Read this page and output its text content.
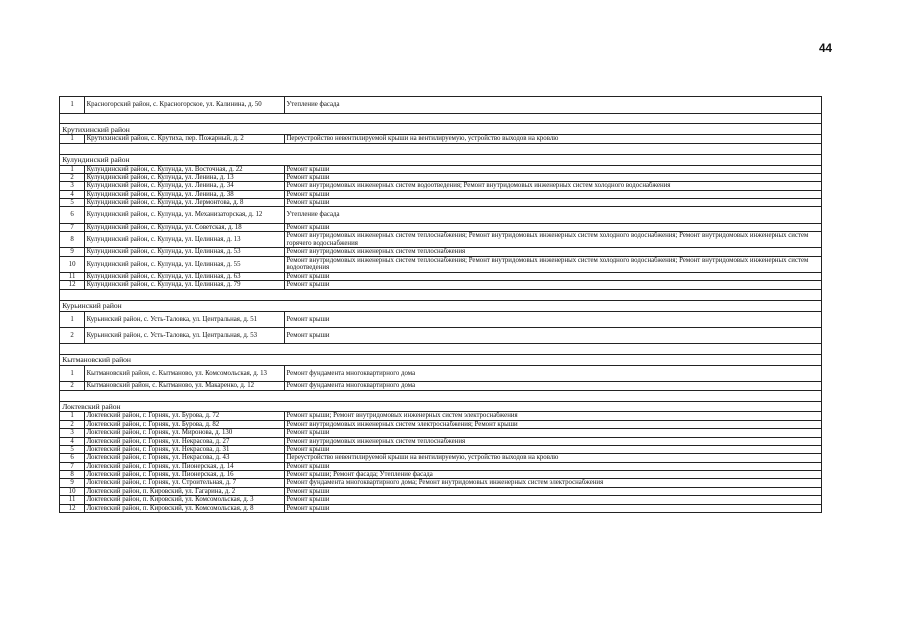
44
1	Красногорский район, с. Красногорское, ул. Калинина, д. 50	Утепление фасада

Крутихинский район		
1	Крутихинский район, с. Крутиха, пер. Пожарный, д. 2	Переустройство невентилируемой крыши на вентилируемую, устройство выходов на кровлю

Кулундинский район		
1	Кулундинский район, с. Кулунда, ул. Восточная, д. 22	Ремонт крыши
2	Кулундинский район, с. Кулунда, ул. Ленина, д. 13	Ремонт крыши
3	Кулундинский район, с. Кулунда, ул. Ленина, д. 34	Ремонт внутридомовых инженерных систем водоотведения; Ремонт внутридомовых инженерных систем холодного водоснабжения
4	Кулундинский район, с. Кулунда, ул. Ленина, д. 38	Ремонт крыши
5	Кулундинский район, с. Кулунда, ул. Лермонтова, д. 8	Ремонт крыши
6	Кулундинский район, с. Кулунда, ул. Механизаторская, д. 12	Утепление фасада
7	Кулундинский район, с. Кулунда, ул. Советская, д. 18	Ремонт крыши
8	Кулундинский район, с. Кулунда, ул. Целинная, д. 13	Ремонт внутридомовых инженерных систем теплоснабжения; Ремонт внутридомовых инженерных систем холодного водоснабжения; Ремонт внутридомовых инженерных систем горячего водоснабжения
9	Кулундинский район, с. Кулунда, ул. Целинная, д. 53	Ремонт внутридомовых инженерных систем теплоснабжения
10	Кулундинский район, с. Кулунда, ул. Целинная, д. 55	Ремонт внутридомовых инженерных систем теплоснабжения; Ремонт внутридомовых инженерных систем холодного водоснабжения; Ремонт внутридомовых инженерных систем водоотведения
11	Кулундинский район, с. Кулунда, ул. Целинная, д. 63	Ремонт крыши
12	Кулундинский район, с. Кулунда, ул. Целинная, д. 79	Ремонт крыши

Курьинский район		
1	Курьинский район, с. Усть-Таловка, ул. Центральная, д. 51	Ремонт крыши
2	Курьинский район, с. Усть-Таловка, ул. Центральная, д. 53	Ремонт крыши

Кытмановский район		
1	Кытмановский район, с. Кытманово, ул. Комсомольская, д. 13	Ремонт фундамента многоквартирного дома
2	Кытмановский район, с. Кытманово, ул. Макаренко, д. 12	Ремонт фундамента многоквартирного дома

Локтевский район		
1	Локтевский район, г. Горняк, ул. Бурова, д. 72	Ремонт крыши; Ремонт внутридомовых инженерных систем электроснабжения
2	Локтевский район, г. Горняк, ул. Бурова, д. 82	Ремонт внутридомовых инженерных систем электроснабжения; Ремонт крыши
3	Локтевский район, г. Горняк, ул. Миронова, д. 130	Ремонт крыши
4	Локтевский район, г. Горняк, ул. Некрасова, д. 27	Ремонт внутридомовых инженерных систем теплоснабжения
5	Локтевский район, г. Горняк, ул. Некрасова, д. 31	Ремонт крыши
6	Локтевский район, г. Горняк, ул. Некрасова, д. 43	Переустройство невентилируемой крыши на вентилируемую, устройство выходов на кровлю
7	Локтевский район, г. Горняк, ул. Пионерская, д. 14	Ремонт крыши
8	Локтевский район, г. Горняк, ул. Пионерская, д. 16	Ремонт крыши; Ремонт фасада; Утепление фасада
9	Локтевский район, г. Горняк, ул. Строительная, д. 7	Ремонт фундамента многоквартирного дома; Ремонт внутридомовых инженерных систем электроснабжения
10	Локтевский район, п. Кировский, ул. Гагарина, д. 2	Ремонт крыши
11	Локтевский район, п. Кировский, ул. Комсомольская, д. 3	Ремонт крыши
12	Локтевский район, п. Кировский, ул. Комсомольская, д. 8	Ремонт крыши
